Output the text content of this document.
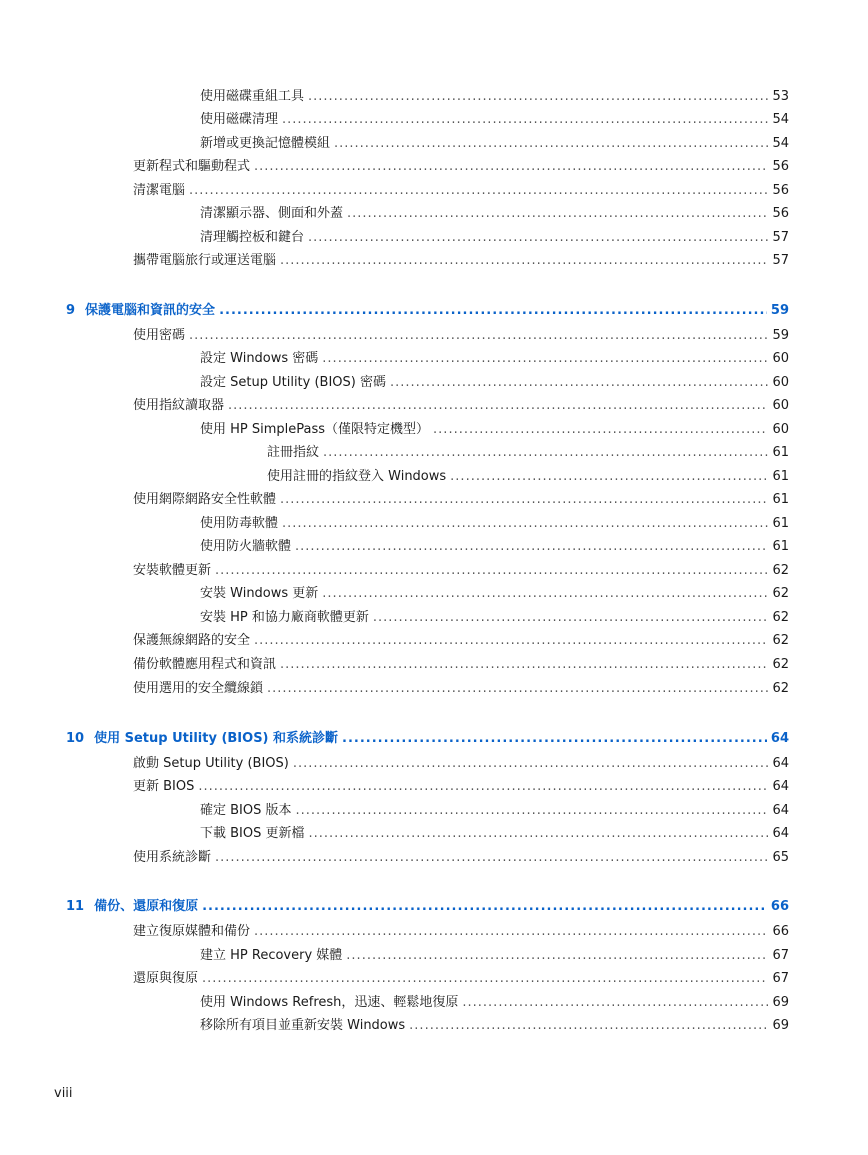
使用磁碟重組工具 .....	53
使用磁碟清理 .....	54
新增或更換記憶體模組 .....	54
更新程式和驅動程式 .....	56
清潔電腦 .....	56
清潔顯示器、側面和外蓋 .....	56
清理觸控板和鍵台 .....	57
攜帶電腦旅行或運送電腦 .....	57
9 保護電腦和資訊的安全 .....	59
使用密碼 .....	59
設定 Windows 密碼 .....	60
設定 Setup Utility (BIOS) 密碼 .....	60
使用指紋讀取器 .....	60
使用 HP SimplePass（僅限特定機型） .....	60
註冊指紋 .....	61
使用註冊的指紋登入 Windows .....	61
使用網際網路安全性軟體 .....	61
使用防毒軟體 .....	61
使用防火牆軟體 .....	61
安裝軟體更新 .....	62
安裝 Windows 更新 .....	62
安裝 HP 和協力廠商軟體更新 .....	62
保護無線網路的安全 .....	62
備份軟體應用程式和資訊 .....	62
使用選用的安全纜線鎖 .....	62
10 使用 Setup Utility (BIOS) 和系統診斷 .....	64
啟動 Setup Utility (BIOS) .....	64
更新 BIOS .....	64
確定 BIOS 版本 .....	64
下載 BIOS 更新檔 .....	64
使用系統診斷 .....	65
11 備份、還原和復原 .....	66
建立復原媒體和備份 .....	66
建立 HP Recovery 媒體 .....	67
還原與復原 .....	67
使用 Windows Refresh，迅速、輕鬆地復原 .....	69
移除所有項目並重新安裝 Windows .....	69
viii
